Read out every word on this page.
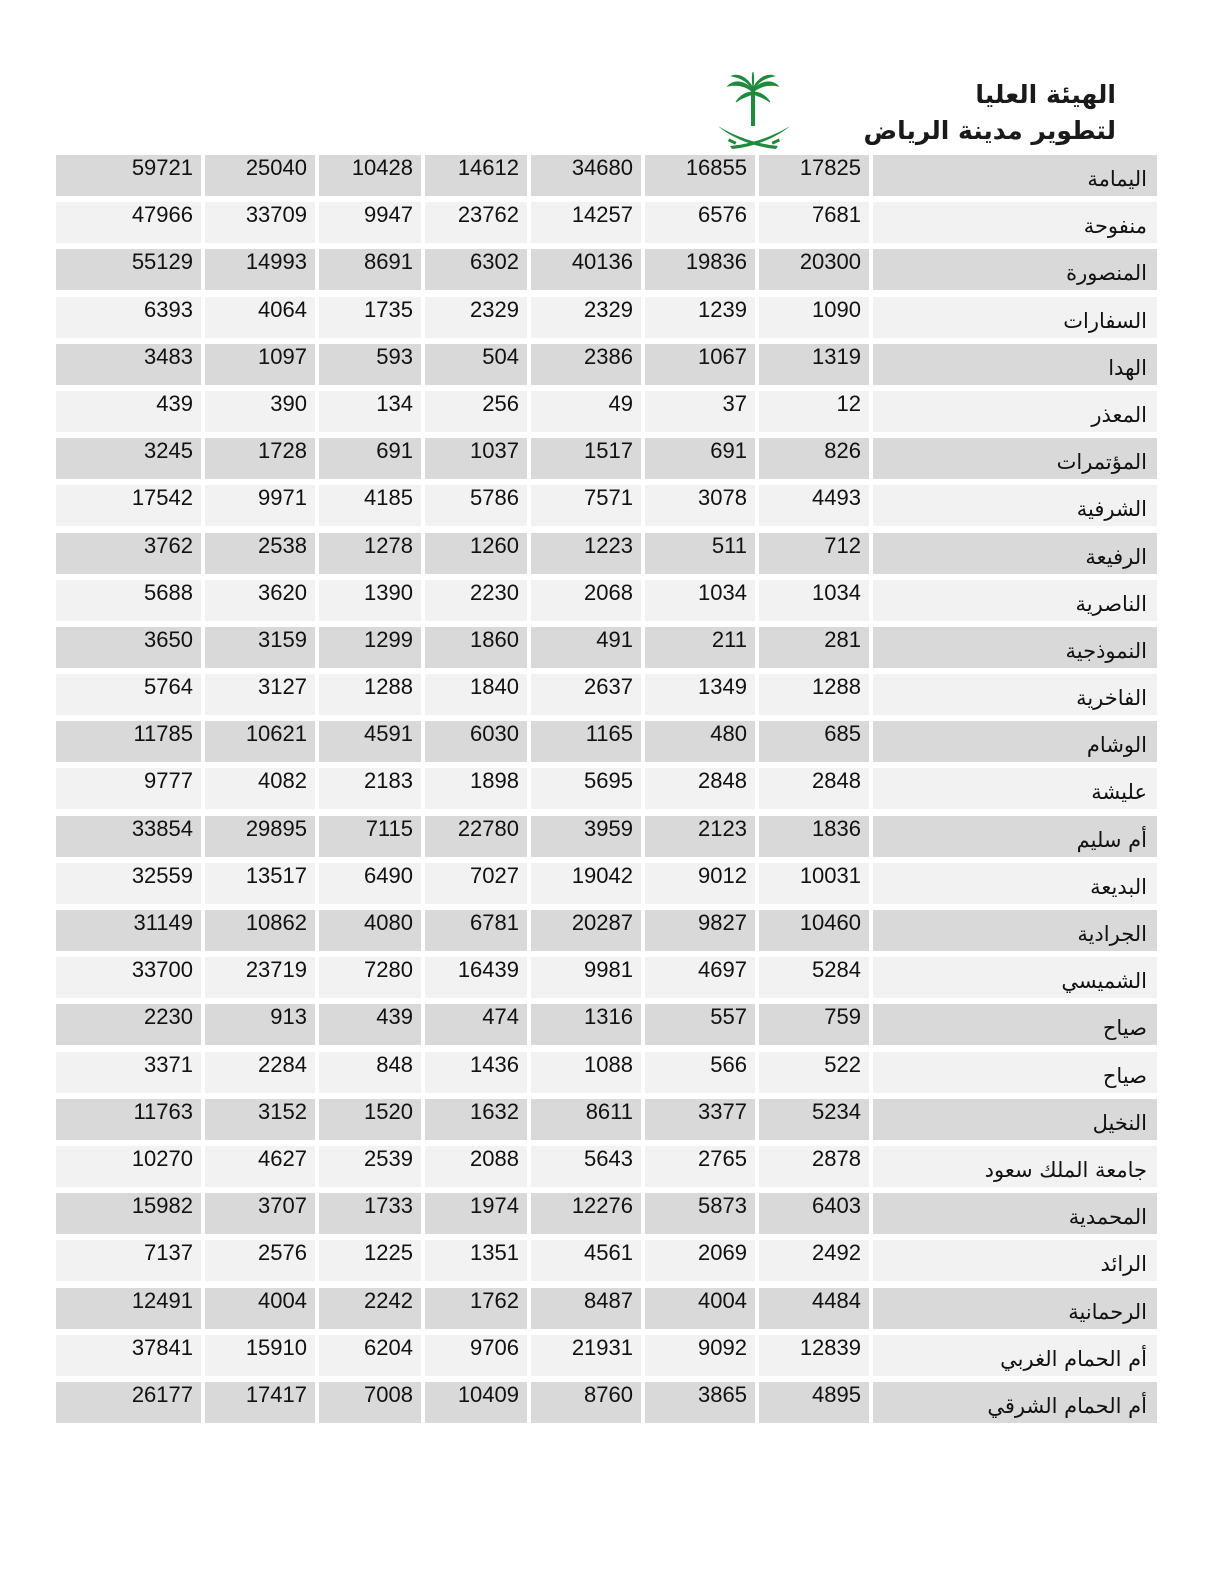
الهيئة العليا
لتطوير مدينة الرياض
59721	25040	10428	14612	34680	16855	17825	اليمامة
47966	33709	9947	23762	14257	6576	7681	منفوحة
55129	14993	8691	6302	40136	19836	20300	المنصورة
6393	4064	1735	2329	2329	1239	1090	السفارات
3483	1097	593	504	2386	1067	1319	الهدا
439	390	134	256	49	37	12	المعذر
3245	1728	691	1037	1517	691	826	المؤتمرات
17542	9971	4185	5786	7571	3078	4493	الشرفية
3762	2538	1278	1260	1223	511	712	الرفيعة
5688	3620	1390	2230	2068	1034	1034	الناصرية
3650	3159	1299	1860	491	211	281	النموذجية
5764	3127	1288	1840	2637	1349	1288	الفاخرية
11785	10621	4591	6030	1165	480	685	الوشام
9777	4082	2183	1898	5695	2848	2848	عليشة
33854	29895	7115	22780	3959	2123	1836	أم سليم
32559	13517	6490	7027	19042	9012	10031	البديعة
31149	10862	4080	6781	20287	9827	10460	الجرادية
33700	23719	7280	16439	9981	4697	5284	الشميسي
2230	913	439	474	1316	557	759	صياح
3371	2284	848	1436	1088	566	522	صياح
11763	3152	1520	1632	8611	3377	5234	النخيل
10270	4627	2539	2088	5643	2765	2878	جامعة الملك سعود
15982	3707	1733	1974	12276	5873	6403	المحمدية
7137	2576	1225	1351	4561	2069	2492	الرائد
12491	4004	2242	1762	8487	4004	4484	الرحمانية
37841	15910	6204	9706	21931	9092	12839	أم الحمام الغربي
26177	17417	7008	10409	8760	3865	4895	أم الحمام الشرقي
